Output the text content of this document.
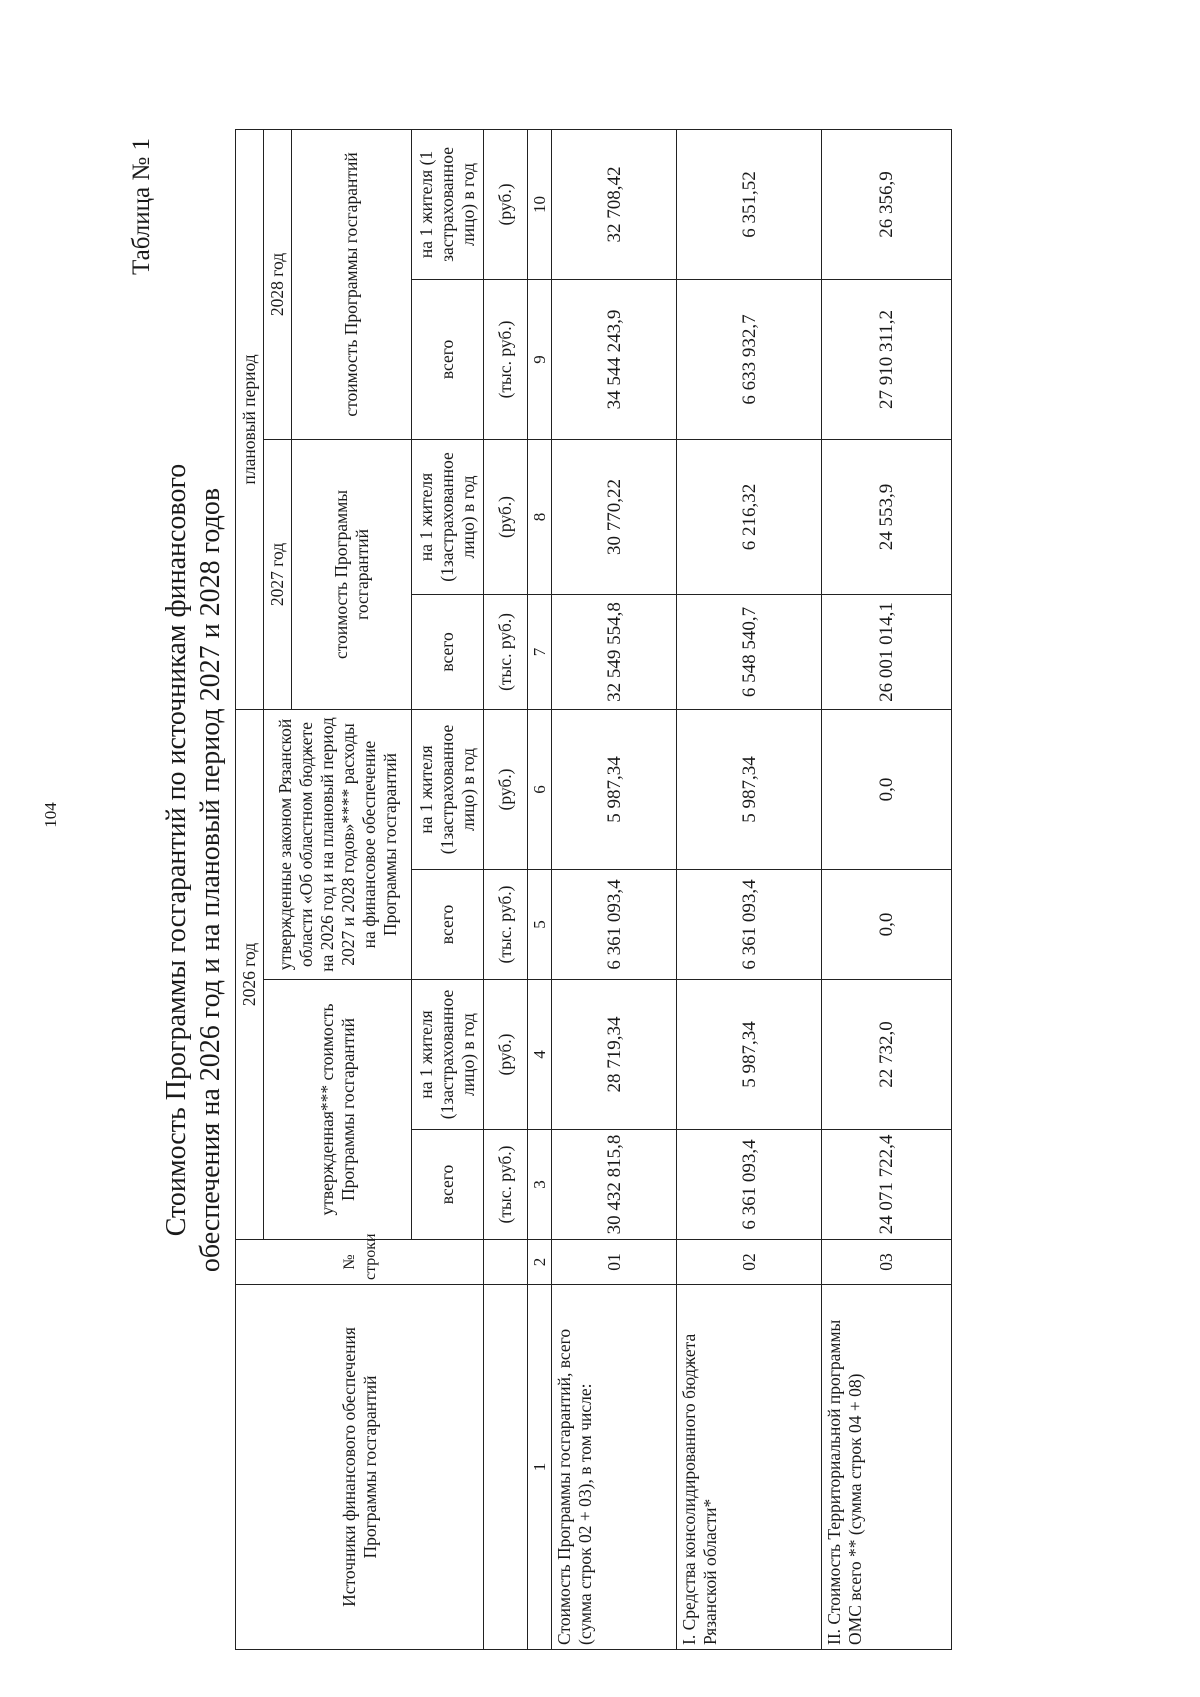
104
Таблица № 1
Стоимость Программы госгарантий по источникам финансового обеспечения на 2026 год и на плановый период 2027 и 2028 годов
Источники финансового обеспечения Программы госгарантий	№ строки	2026 год				плановый период			
		утвержденная*** стоимость Программы госгарантий		утвержденные законом Рязанской области «Об областном бюджете на 2026 год и на плановый период 2027 и 2028 годов»**** расходы на финансовое обеспечение Программы госгарантий		2027 год		2028 год	
						стоимость Программы госгарантий		стоимость Программы госгарантий	
		всего	на 1 жителя (1застрахованное лицо) в год	всего	на 1 жителя (1застрахованное лицо) в год	всего	на 1 жителя (1застрахованное лицо) в год	всего	на 1 жителя (1 застрахованное лицо) в год
		(тыс. руб.)	(руб.)	(тыс. руб.)	(руб.)	(тыс. руб.)	(руб.)	(тыс. руб.)	(руб.)
1	2	3	4	5	6	7	8	9	10
Стоимость Программы госгарантий, всего (сумма строк 02 + 03), в том числе:	01	30 432 815,8	28 719,34	6 361 093,4	5 987,34	32 549 554,8	30 770,22	34 544 243,9	32 708,42
I. Средства консолидированного бюджета Рязанской области*	02	6 361 093,4	5 987,34	6 361 093,4	5 987,34	6 548 540,7	6 216,32	6 633 932,7	6 351,52
II. Стоимость Территориальной программы ОМС всего ** (сумма строк 04 + 08)	03	24 071 722,4	22 732,0	0,0	0,0	26 001 014,1	24 553,9	27 910 311,2	26 356,9
